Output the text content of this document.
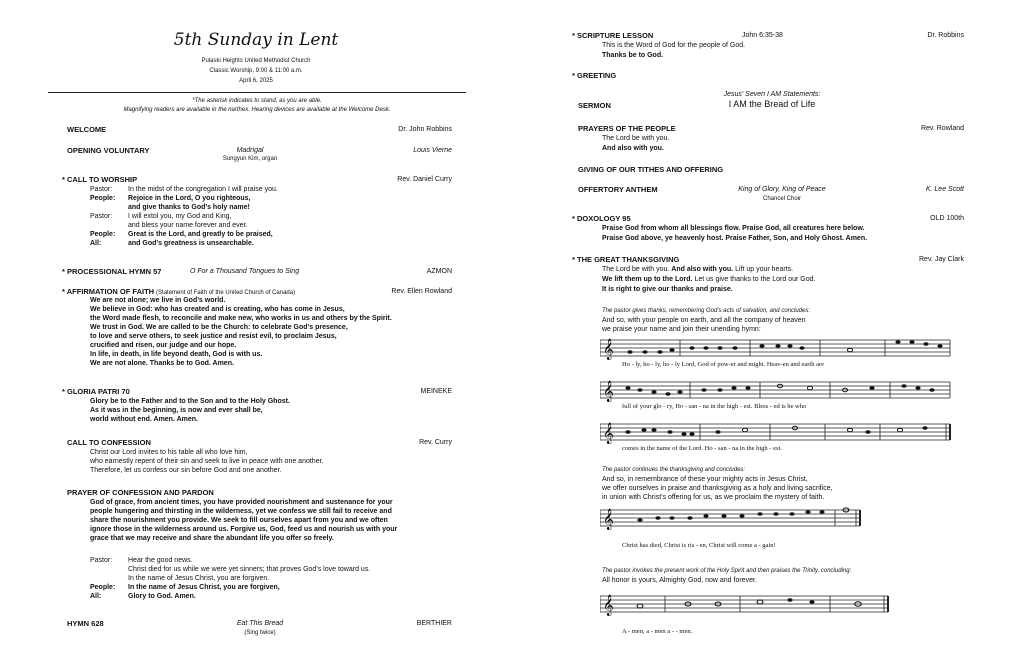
5th Sunday in Lent
Pulaski Heights United Methodist Church
Classic Worship, 9:00 & 11:00 a.m.
April 6, 2025
*The asterisk indicates to stand, as you are able.
Magnifying readers are available in the narthex. Hearing devices are available at the Welcome Desk.
WELCOME	Dr. John Robbins
OPENING VOLUNTARY	Madrigal	Louis Vierne
Sungyun Kim, organ
* CALL TO WORSHIP	Rev. Daniel Curry
Pastor: In the midst of the congregation I will praise you.
People: Rejoice in the Lord, O you righteous,
and give thanks to God’s holy name!
Pastor: I will extol you, my God and King,
and bless your name forever and ever.
People: Great is the Lord, and greatly to be praised,
All:	and God’s greatness is unsearchable.
* PROCESSIONAL HYMN 57	O For a Thousand Tongues to Sing	AZMON
* AFFIRMATION OF FAITH (Statement of Faith of the United Church of Canada)	Rev. Ellen Rowland
We are not alone; we live in God’s world.
We believe in God: who has created and is creating, who has come in Jesus,
the Word made flesh, to reconcile and make new, who works in us and others by the Spirit.
We trust in God. We are called to be the Church: to celebrate God’s presence,
to love and serve others, to seek justice and resist evil, to proclaim Jesus,
crucified and risen, our judge and our hope.
In life, in death, in life beyond death, God is with us.
We are not alone. Thanks be to God. Amen.
* GLORIA PATRI 70	MEINEKE
Glory be to the Father and to the Son and to the Holy Ghost.
As it was in the beginning, is now and ever shall be,
world without end. Amen. Amen.
CALL TO CONFESSION	Rev. Curry
Christ our Lord invites to his table all who love him,
who earnestly repent of their sin and seek to live in peace with one another.
Therefore, let us confess our sin before God and one another.
PRAYER OF CONFESSION AND PARDON
God of grace, from ancient times, you have provided nourishment and sustenance for your
people hungering and thirsting in the wilderness, yet we confess we still fail to receive and
share the nourishment you provide. We seek to fill ourselves apart from you and we often
ignore those in the wilderness around us. Forgive us, God, feed us and nourish us with your
grace that we may receive and share the abundant life you offer so freely.
Pastor: Hear the good news.
Christ died for us while we were yet sinners; that proves God’s love toward us.
In the name of Jesus Christ, you are forgiven.
People: In the name of Jesus Christ, you are forgiven,
All:	Glory to God. Amen.
HYMN 628	Eat This Bread	BERTHIER
(Sing twice)
* SCRIPTURE LESSON	John 6:35-38	Dr. Robbins
This is the Word of God for the people of God.
Thanks be to God.
* GREETING
Jesus' Seven I AM Statements:
SERMON	I AM the Bread of Life
PRAYERS OF THE PEOPLE	Rev. Rowland
The Lord be with you.
And also with you.
GIVING OF OUR TITHES AND OFFERING
OFFERTORY ANTHEM	King of Glory, King of Peace	K. Lee Scott
Chancel Choir
* DOXOLOGY 95	OLD 100th
Praise God from whom all blessings flow. Praise God, all creatures here below.
Praise God above, ye heavenly host. Praise Father, Son, and Holy Ghost. Amen.
* THE GREAT THANKSGIVING	Rev. Jay Clark
The Lord be with you. And also with you. Lift up your hearts.
We lift them up to the Lord. Let us give thanks to the Lord our God.
It is right to give our thanks and praise.
The pastor gives thanks, remembering God’s acts of salvation, and concludes:
And so, with your people on earth, and all the company of heaven
we praise your name and join their unending hymn:
𝄞
𝄞
𝄞
Ho - ly, ho - ly, ho - ly Lord, God of pow-er and might. Heav-en and earth are
full of your glo - ry, Ho - san - na in the high - est. Bless - ed is he who
comes in the name of the Lord. Ho - san - na in the high - est.
The pastor continues the thanksgiving and concludes:
And so, in remembrance of these your mighty acts in Jesus Christ,
we offer ourselves in praise and thanksgiving as a holy and living sacrifice,
in union with Christ’s offering for us, as we proclaim the mystery of faith.
𝄞
Christ has died, Christ is ris - en, Christ will come a - gain!
The pastor invokes the present work of the Holy Spirit and then praises the Trinity, concluding:
All honor is yours, Almighty God, now and forever.
𝄞
A - men, a - men a - - men.
